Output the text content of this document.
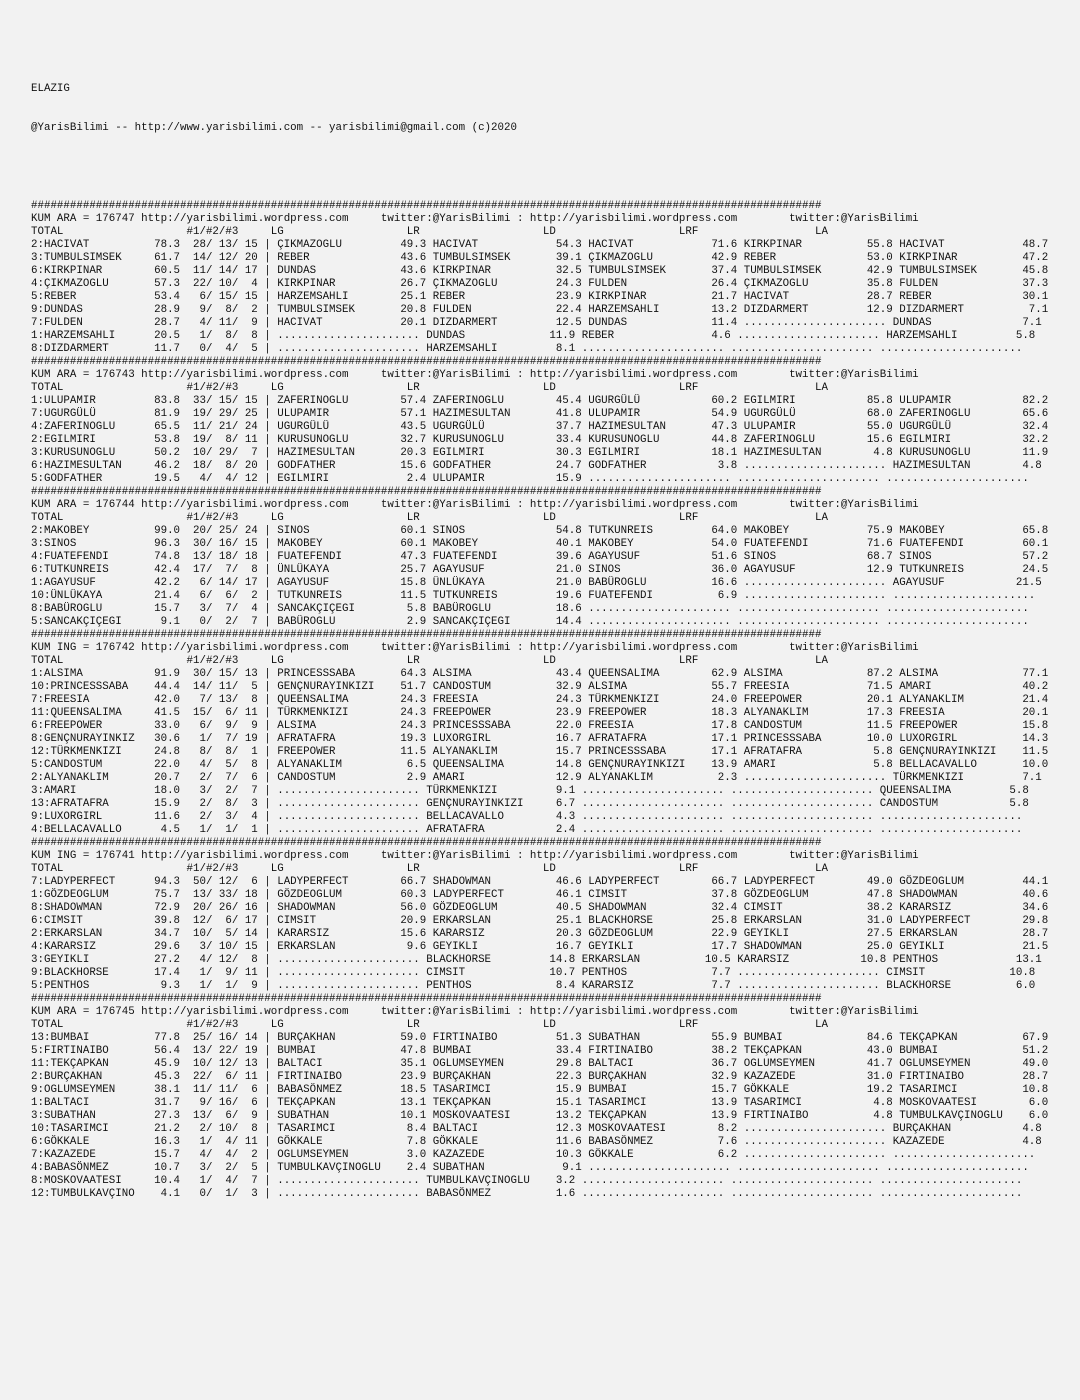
ELAZIG

@YarisBilimi -- http://www.yarisbilimi.com -- yarisbilimi@gmail.com (c)2020

##########################################################################################################################
KUM ARA = 176747 http://yarisbilimi.wordpress.com     twitter:@YarisBilimi : http://yarisbilimi.wordpress.com        twitter:@YarisBilimi
TOTAL                   #1/#2/#3     LG                   LR                   LD                   LRF                  LA
2:HACIVAT          78.3  28/ 13/ 15 | ÇIKMAZOGLU         49.3 HACIVAT            54.3 HACIVAT            71.6 KIRKPINAR          55.8 HACIVAT            48.7
3:TUMBULSIMSEK     61.7  14/ 12/ 20 | REBER              43.6 TUMBULSIMSEK       39.1 ÇIKMAZOGLU         42.9 REBER              53.0 KIRKPINAR          47.2
6:KIRKPINAR        60.5  11/ 14/ 17 | DUNDAS             43.6 KIRKPINAR          32.5 TUMBULSIMSEK       37.4 TUMBULSIMSEK       42.9 TUMBULSIMSEK       45.8
4:ÇIKMAZOGLU       57.3  22/ 10/  4 | KIRKPINAR          26.7 ÇIKMAZOGLU         24.3 FULDEN             26.4 ÇIKMAZOGLU         35.8 FULDEN             37.3
5:REBER            53.4   6/ 15/ 15 | HARZEMSAHLI        25.1 REBER              23.9 KIRKPINAR          21.7 HACIVAT            28.7 REBER              30.1
9:DUNDAS           28.9   9/  8/  2 | TUMBULSIMSEK       20.8 FULDEN             22.4 HARZEMSAHLI        13.2 DIZDARMERT         12.9 DIZDARMERT          7.1
7:FULDEN           28.7   4/ 11/  9 | HACIVAT            20.1 DIZDARMERT         12.5 DUNDAS             11.4 ...................... DUNDAS              7.1
1:HARZEMSAHLI      20.5   1/  8/  8 | ...................... DUNDAS             11.9 REBER               4.6 ...................... HARZEMSAHLI         5.8
8:DIZDARMERT       11.7   0/  4/  5 | ...................... HARZEMSAHLI         8.1 ...................... ...................... ......................
##########################################################################################################################
KUM ARA = 176743 http://yarisbilimi.wordpress.com     twitter:@YarisBilimi : http://yarisbilimi.wordpress.com        twitter:@YarisBilimi
TOTAL                   #1/#2/#3     LG                   LR                   LD                   LRF                  LA
1:ULUPAMIR         83.8  33/ 15/ 15 | ZAFERINOGLU        57.4 ZAFERINOGLU        45.4 UGURGÜLÜ           60.2 EGILMIRI           85.8 ULUPAMIR           82.2
7:UGURGÜLÜ         81.9  19/ 29/ 25 | ULUPAMIR           57.1 HAZIMESULTAN       41.8 ULUPAMIR           54.9 UGURGÜLÜ           68.0 ZAFERINOGLU        65.6
4:ZAFERINOGLU      65.5  11/ 21/ 24 | UGURGÜLÜ           43.5 UGURGÜLÜ           37.7 HAZIMESULTAN       47.3 ULUPAMIR           55.0 UGURGÜLÜ           32.4
2:EGILMIRI         53.8  19/  8/ 11 | KURUSUNOGLU        32.7 KURUSUNOGLU        33.4 KURUSUNOGLU        44.8 ZAFERINOGLU        15.6 EGILMIRI           32.2
3:KURUSUNOGLU      50.2  10/ 29/  7 | HAZIMESULTAN       20.3 EGILMIRI           30.3 EGILMIRI           18.1 HAZIMESULTAN        4.8 KURUSUNOGLU        11.9
6:HAZIMESULTAN     46.2  18/  8/ 20 | GODFATHER          15.6 GODFATHER          24.7 GODFATHER           3.8 ...................... HAZIMESULTAN        4.8
5:GODFATHER        19.5   4/  4/ 12 | EGILMIRI            2.4 ULUPAMIR           15.9 ...................... ...................... ......................
##########################################################################################################################
KUM ARA = 176744 http://yarisbilimi.wordpress.com     twitter:@YarisBilimi : http://yarisbilimi.wordpress.com        twitter:@YarisBilimi
TOTAL                   #1/#2/#3     LG                   LR                   LD                   LRF                  LA
2:MAKOBEY          99.0  20/ 25/ 24 | SINOS              60.1 SINOS              54.8 TUTKUNREIS         64.0 MAKOBEY            75.9 MAKOBEY            65.8
3:SINOS            96.3  30/ 16/ 15 | MAKOBEY            60.1 MAKOBEY            40.1 MAKOBEY            54.0 FUATEFENDI         71.6 FUATEFENDI         60.1
4:FUATEFENDI       74.8  13/ 18/ 18 | FUATEFENDI         47.3 FUATEFENDI         39.6 AGAYUSUF           51.6 SINOS              68.7 SINOS              57.2
6:TUTKUNREIS       42.4  17/  7/  8 | ÜNLÜKAYA           25.7 AGAYUSUF           21.0 SINOS              36.0 AGAYUSUF           12.9 TUTKUNREIS         24.5
1:AGAYUSUF         42.2   6/ 14/ 17 | AGAYUSUF           15.8 ÜNLÜKAYA           21.0 BABÜROGLU          16.6 ...................... AGAYUSUF           21.5
10:ÜNLÜKAYA        21.4   6/  6/  2 | TUTKUNREIS         11.5 TUTKUNREIS         19.6 FUATEFENDI          6.9 ...................... ......................
8:BABÜROGLU        15.7   3/  7/  4 | SANCAKÇIÇEGI        5.8 BABÜROGLU          18.6 ...................... ...................... ......................
5:SANCAKÇIÇEGI      9.1   0/  2/  7 | BABÜROGLU           2.9 SANCAKÇIÇEGI       14.4 ...................... ...................... ......................
##########################################################################################################################
KUM ING = 176742 http://yarisbilimi.wordpress.com     twitter:@YarisBilimi : http://yarisbilimi.wordpress.com        twitter:@YarisBilimi
TOTAL                   #1/#2/#3     LG                   LR                   LD                   LRF                  LA
1:ALSIMA           91.9  30/ 15/ 13 | PRINCESSSABA       64.3 ALSIMA             43.4 QUEENSALIMA        62.9 ALSIMA             87.2 ALSIMA             77.1
10:PRINCESSSABA    44.4  14/ 11/  5 | GENÇNURAYINKIZI    51.7 CANDOSTUM          32.9 ALSIMA             55.7 FREESIA            71.5 AMARI              40.2
7:FREESIA          42.0   7/ 13/  8 | QUEENSALIMA        24.3 FREESIA            24.3 TÜRKMENKIZI        24.0 FREEPOWER          20.1 ALYANAKLIM         21.4
11:QUEENSALIMA     41.5  15/  6/ 11 | TÜRKMENKIZI        24.3 FREEPOWER          23.9 FREEPOWER          18.3 ALYANAKLIM         17.3 FREESIA            20.1
6:FREEPOWER        33.0   6/  9/  9 | ALSIMA             24.3 PRINCESSSABA       22.0 FREESIA            17.8 CANDOSTUM          11.5 FREEPOWER          15.8
8:GENÇNURAYINKIZ   30.6   1/  7/ 19 | AFRATAFRA          19.3 LUXORGIRL          16.7 AFRATAFRA          17.1 PRINCESSSABA       10.0 LUXORGIRL          14.3
12:TÜRKMENKIZI     24.8   8/  8/  1 | FREEPOWER          11.5 ALYANAKLIM         15.7 PRINCESSSABA       17.1 AFRATAFRA           5.8 GENÇNURAYINKIZI    11.5
5:CANDOSTUM        22.0   4/  5/  8 | ALYANAKLIM          6.5 QUEENSALIMA        14.8 GENÇNURAYINKIZI    13.9 AMARI               5.8 BELLACAVALLO       10.0
2:ALYANAKLIM       20.7   2/  7/  6 | CANDOSTUM           2.9 AMARI              12.9 ALYANAKLIM          2.3 ...................... TÜRKMENKIZI         7.1
3:AMARI            18.0   3/  2/  7 | ...................... TÜRKMENKIZI         9.1 ...................... ...................... QUEENSALIMA         5.8
13:AFRATAFRA       15.9   2/  8/  3 | ...................... GENÇNURAYINKIZI     6.7 ...................... ...................... CANDOSTUM           5.8
9:LUXORGIRL        11.6   2/  3/  4 | ...................... BELLACAVALLO        4.3 ...................... ...................... ......................
4:BELLACAVALLO      4.5   1/  1/  1 | ...................... AFRATAFRA           2.4 ...................... ...................... ......................
##########################################################################################################################
KUM ING = 176741 http://yarisbilimi.wordpress.com     twitter:@YarisBilimi : http://yarisbilimi.wordpress.com        twitter:@YarisBilimi
TOTAL                   #1/#2/#3     LG                   LR                   LD                   LRF                  LA
7:LADYPERFECT      94.3  50/ 12/  6 | LADYPERFECT        66.7 SHADOWMAN          46.6 LADYPERFECT        66.7 LADYPERFECT        49.0 GÖZDEOGLUM         44.1
1:GÖZDEOGLUM       75.7  13/ 33/ 18 | GÖZDEOGLUM         60.3 LADYPERFECT        46.1 CIMSIT             37.8 GÖZDEOGLUM         47.8 SHADOWMAN          40.6
8:SHADOWMAN        72.9  20/ 26/ 16 | SHADOWMAN          56.0 GÖZDEOGLUM         40.5 SHADOWMAN          32.4 CIMSIT             38.2 KARARSIZ           34.6
6:CIMSIT           39.8  12/  6/ 17 | CIMSIT             20.9 ERKARSLAN          25.1 BLACKHORSE         25.8 ERKARSLAN          31.0 LADYPERFECT        29.8
2:ERKARSLAN        34.7  10/  5/ 14 | KARARSIZ           15.6 KARARSIZ           20.3 GÖZDEOGLUM         22.9 GEYIKLI            27.5 ERKARSLAN          28.7
4:KARARSIZ         29.6   3/ 10/ 15 | ERKARSLAN           9.6 GEYIKLI            16.7 GEYIKLI            17.7 SHADOWMAN          25.0 GEYIKLI            21.5
3:GEYIKLI          27.2   4/ 12/  8 | ...................... BLACKHORSE         14.8 ERKARSLAN          10.5 KARARSIZ           10.8 PENTHOS            13.1
9:BLACKHORSE       17.4   1/  9/ 11 | ...................... CIMSIT             10.7 PENTHOS             7.7 ...................... CIMSIT             10.8
5:PENTHOS           9.3   1/  1/  9 | ...................... PENTHOS             8.4 KARARSIZ            7.7 ...................... BLACKHORSE          6.0
##########################################################################################################################
KUM ARA = 176745 http://yarisbilimi.wordpress.com     twitter:@YarisBilimi : http://yarisbilimi.wordpress.com        twitter:@YarisBilimi
TOTAL                   #1/#2/#3     LG                   LR                   LD                   LRF                  LA
13:BUMBAI          77.8  25/ 16/ 14 | BURÇAKHAN          59.0 FIRTINAIBO         51.3 SUBATHAN           55.9 BUMBAI             84.6 TEKÇAPKAN          67.9
5:FIRTINAIBO       56.4  13/ 22/ 19 | BUMBAI             47.8 BUMBAI             33.4 FIRTINAIBO         38.2 TEKÇAPKAN          43.0 BUMBAI             51.2
11:TEKÇAPKAN       45.9  10/ 12/ 13 | BALTACI            35.1 OGLUMSEYMEN        29.8 BALTACI            36.7 OGLUMSEYMEN        41.7 OGLUMSEYMEN        49.0
2:BURÇAKHAN        45.3  22/  6/ 11 | FIRTINAIBO         23.9 BURÇAKHAN          22.3 BURÇAKHAN          32.9 KAZAZEDE           31.0 FIRTINAIBO         28.7
9:OGLUMSEYMEN      38.1  11/ 11/  6 | BABASÖNMEZ         18.5 TASARIMCI          15.9 BUMBAI             15.7 GÖKKALE            19.2 TASARIMCI          10.8
1:BALTACI          31.7   9/ 16/  6 | TEKÇAPKAN          13.1 TEKÇAPKAN          15.1 TASARIMCI          13.9 TASARIMCI           4.8 MOSKOVAATESI        6.0
3:SUBATHAN         27.3  13/  6/  9 | SUBATHAN           10.1 MOSKOVAATESI       13.2 TEKÇAPKAN          13.9 FIRTINAIBO          4.8 TUMBULKAVÇINOGLU    6.0
10:TASARIMCI       21.2   2/ 10/  8 | TASARIMCI           8.4 BALTACI            12.3 MOSKOVAATESI        8.2 ...................... BURÇAKHAN           4.8
6:GÖKKALE          16.3   1/  4/ 11 | GÖKKALE             7.8 GÖKKALE            11.6 BABASÖNMEZ          7.6 ...................... KAZAZEDE            4.8
7:KAZAZEDE         15.7   4/  4/  2 | OGLUMSEYMEN         3.0 KAZAZEDE           10.3 GÖKKALE             6.2 ...................... ......................
4:BABASÖNMEZ       10.7   3/  2/  5 | TUMBULKAVÇINOGLU    2.4 SUBATHAN            9.1 ...................... ...................... ......................
8:MOSKOVAATESI     10.4   1/  4/  7 | ...................... TUMBULKAVÇINOGLU    3.2 ...................... ...................... ......................
12:TUMBULKAVÇINO    4.1   0/  1/  3 | ...................... BABASÖNMEZ          1.6 ...................... ...................... ......................
